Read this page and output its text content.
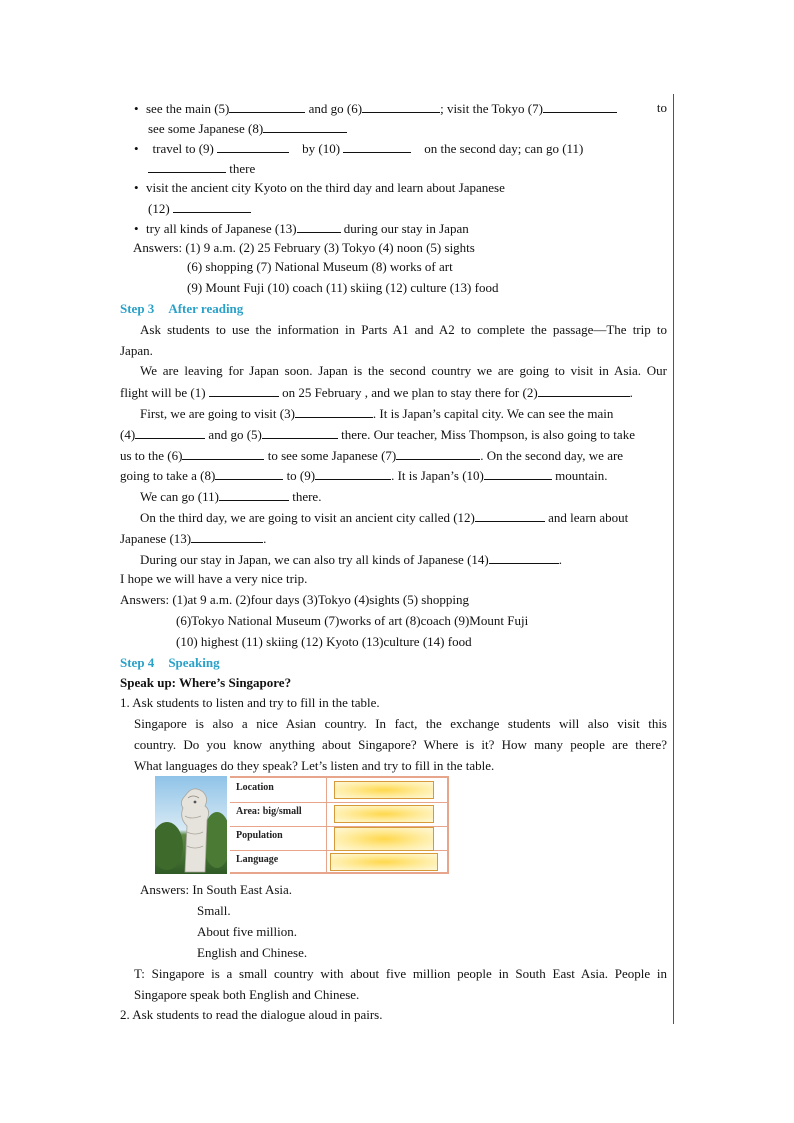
• see the main (5)	and go (6)	; visit the Tokyo (7)	to
see some Japanese (8)
• travel to (9)	by (10)	on the second day; can go (11)
there
• visit the ancient city Kyoto on the third day and learn about Japanese
(12)
• try all kinds of Japanese (13)	during our stay in Japan
Answers: (1) 9 a.m. (2) 25 February (3) Tokyo (4) noon (5) sights
(6) shopping (7) National Museum (8) works of art
(9) Mount Fuji (10) coach (11) skiing (12) culture (13) food
Step 3 After reading
Ask students to use the information in Parts A1 and A2 to complete the passage—The trip to
Japan.
We are leaving for Japan soon. Japan is the second country we are going to visit in Asia. Our
flight will be (1)	on 25 February , and we plan to stay there for (2)	.
First, we are going to visit (3)	. It is Japan’s capital city. We can see the main
(4)	and go (5)	there. Our teacher, Miss Thompson, is also going to take
us to the (6)	to see some Japanese (7)	. On the second day, we are
going to take a (8)	to (9)	. It is Japan’s (10)	mountain.
We can go (11)	there.
On the third day, we are going to visit an ancient city called (12)	and learn about
Japanese (13)	.
During our stay in Japan, we can also try all kinds of Japanese (14)	.
I hope we will have a very nice trip.
Answers: (1)at 9 a.m. (2)four days (3)Tokyo (4)sights (5) shopping
(6)Tokyo National Museum (7)works of art (8)coach (9)Mount Fuji
(10) highest (11) skiing (12) Kyoto (13)culture (14) food
Step 4 Speaking
Speak up: Where’s Singapore?
1. Ask students to listen and try to fill in the table.
Singapore is also a nice Asian country. In fact, the exchange students will also visit this
country. Do you know anything about Singapore? Where is it? How many people are there?
What languages do they speak? Let’s listen and try to fill in the table.
Location
Area: big/small
Population
Language
Answers: In South East Asia.
Small.
About five million.
English and Chinese.
T: Singapore is a small country with about five million people in South East Asia. People in
Singapore speak both English and Chinese.
2. Ask students to read the dialogue aloud in pairs.
